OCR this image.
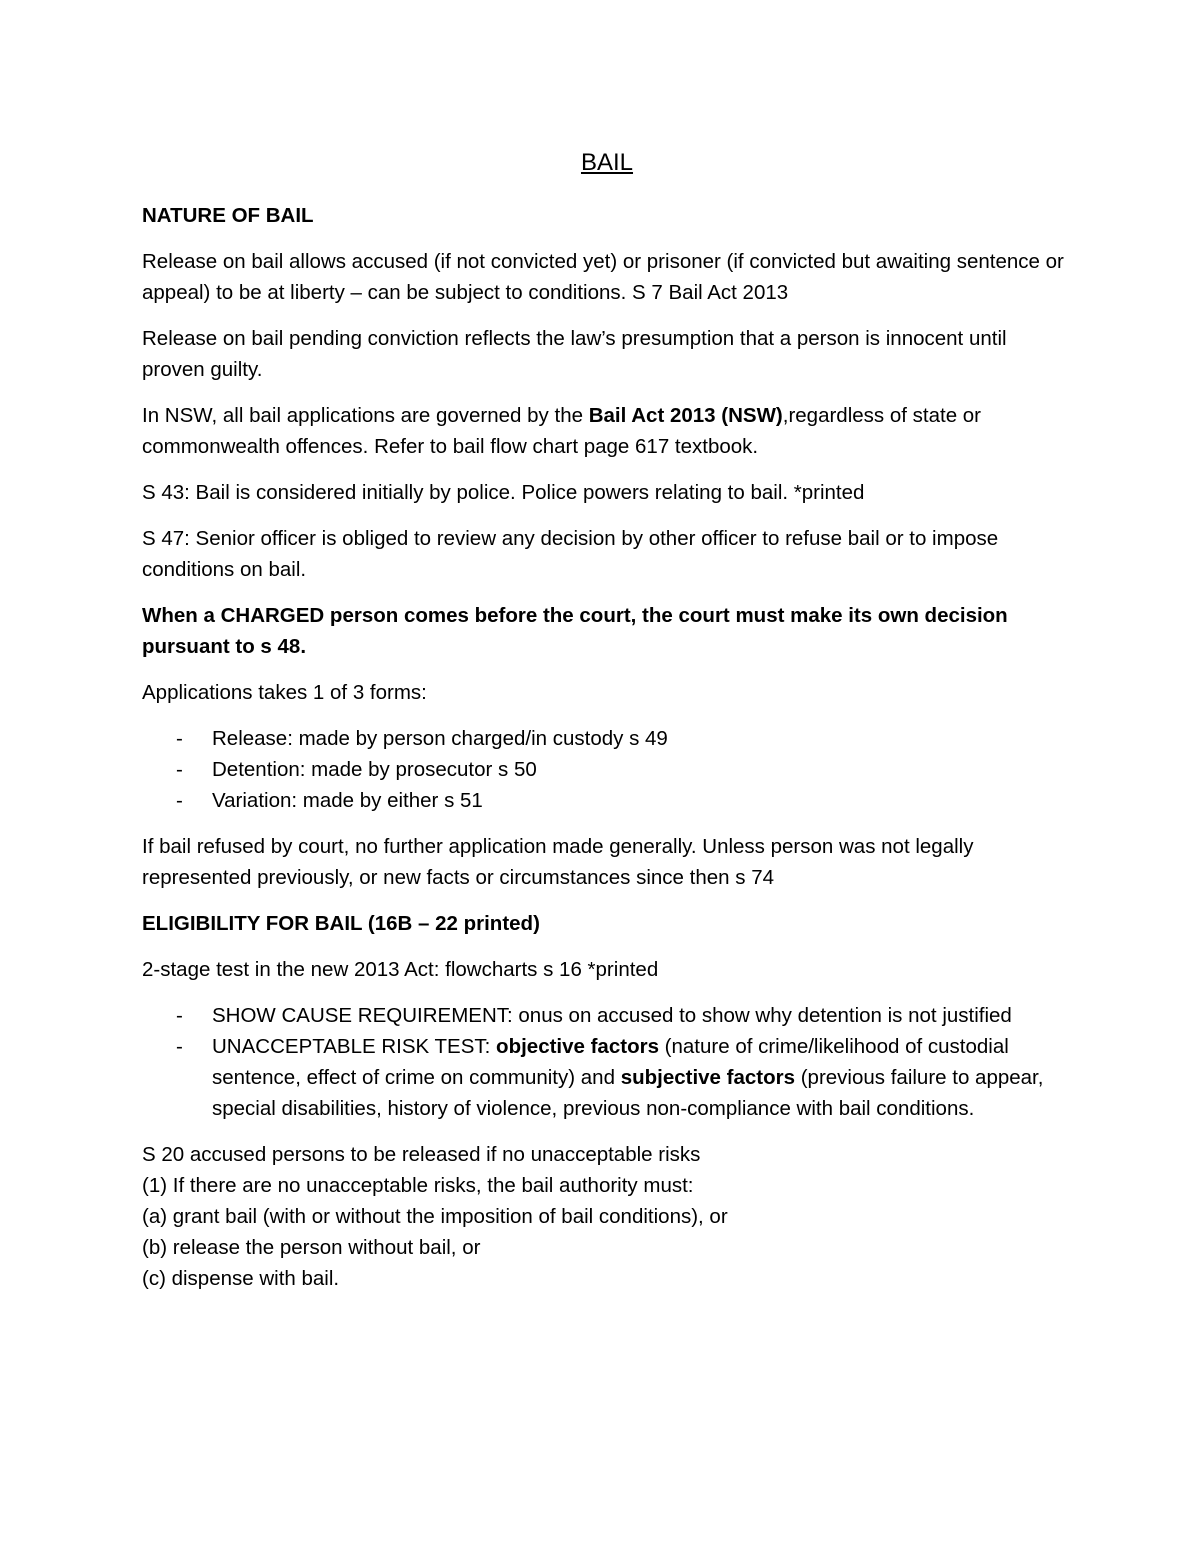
BAIL

NATURE OF BAIL

Release on bail allows accused (if not convicted yet) or prisoner (if convicted but awaiting sentence or appeal) to be at liberty – can be subject to conditions. S 7 Bail Act 2013

Release on bail pending conviction reflects the law’s presumption that a person is innocent until proven guilty.

In NSW, all bail applications are governed by the Bail Act 2013 (NSW),regardless of state or commonwealth offences. Refer to bail flow chart page 617 textbook.

S 43: Bail is considered initially by police. Police powers relating to bail. *printed

S 47: Senior officer is obliged to review any decision by other officer to refuse bail or to impose conditions on bail.

When a CHARGED person comes before the court, the court must make its own decision pursuant to s 48.

Applications takes 1 of 3 forms:

- Release: made by person charged/in custody s 49
- Detention: made by prosecutor s 50
- Variation: made by either s 51

If bail refused by court, no further application made generally. Unless person was not legally represented previously, or new facts or circumstances since then s 74

ELIGIBILITY FOR BAIL (16B – 22 printed)

2-stage test in the new 2013 Act: flowcharts s 16 *printed

- SHOW CAUSE REQUIREMENT: onus on accused to show why detention is not justified
- UNACCEPTABLE RISK TEST: objective factors (nature of crime/likelihood of custodial sentence, effect of crime on community) and subjective factors (previous failure to appear, special disabilities, history of violence, previous non-compliance with bail conditions.

S 20 accused persons to be released if no unacceptable risks

(1) If there are no unacceptable risks, the bail authority must:

(a) grant bail (with or without the imposition of bail conditions), or

(b) release the person without bail, or

(c) dispense with bail.
